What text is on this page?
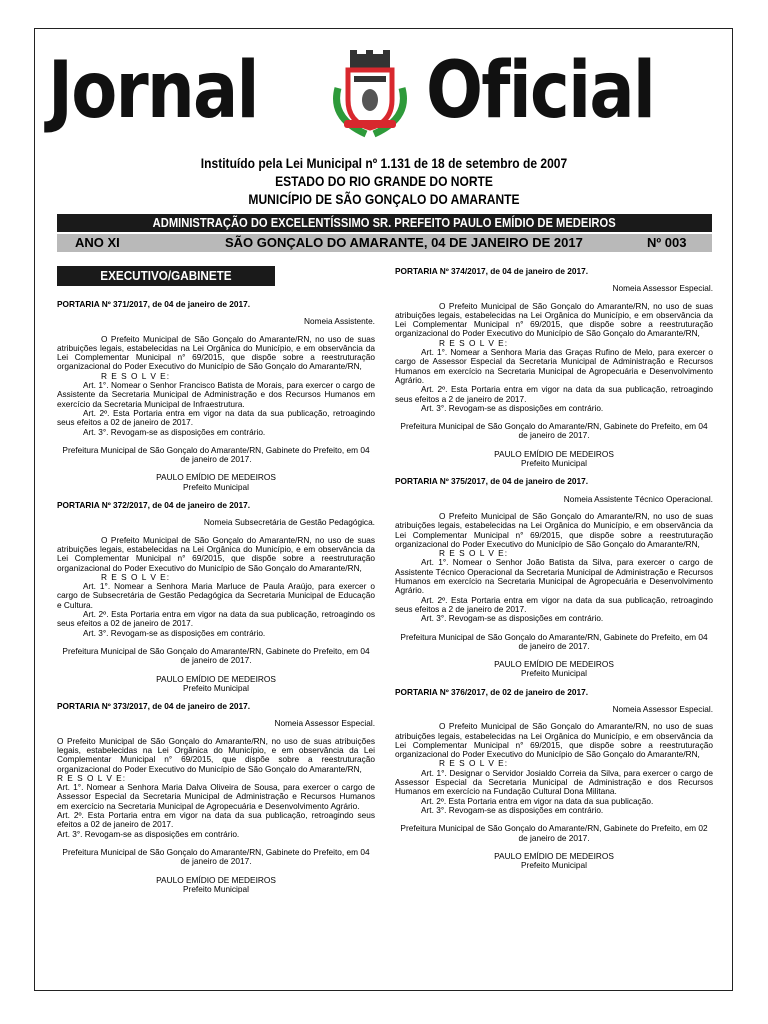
Jornal Oficial
Instituído pela Lei Municipal nº 1.131 de 18 de setembro de 2007
ESTADO DO RIO GRANDE DO NORTE
MUNICÍPIO DE SÃO GONÇALO DO AMARANTE
ADMINISTRAÇÃO DO EXCELENTÍSSIMO SR. PREFEITO PAULO EMÍDIO DE MEDEIROS
ANO XI	SÃO GONÇALO DO AMARANTE, 04 DE JANEIRO DE 2017	Nº 003
EXECUTIVO/GABINETE
PORTARIA Nº 371/2017, de 04 de janeiro de 2017.
Nomeia Assistente.
O Prefeito Municipal de São Gonçalo do Amarante/RN, no uso de suas atribuições legais, estabelecidas na Lei Orgânica do Município, e em observância da Lei Complementar Municipal n° 69/2015, que dispõe sobre a reestruturação organizacional do Poder Executivo do Município de São Gonçalo do Amarante/RN,
R E S O L V E:
Art. 1°. Nomear o Senhor Francisco Batista de Morais, para exercer o cargo de Assistente da Secretaria Municipal de Administração e dos Recursos Humanos em exercício da Secretaria Municipal de Infraestrutura.
Art. 2º. Esta Portaria entra em vigor na data da sua publicação, retroagindo seus efeitos a 02 de janeiro de 2017.
Art. 3°. Revogam-se as disposições em contrário.
Prefeitura Municipal de São Gonçalo do Amarante/RN, Gabinete do Prefeito, em 04 de janeiro de 2017.
PAULO EMÍDIO DE MEDEIROS
Prefeito Municipal
PORTARIA Nº 372/2017, de 04 de janeiro de 2017.
Nomeia Subsecretária de Gestão Pedagógica.
O Prefeito Municipal de São Gonçalo do Amarante/RN, no uso de suas atribuições legais, estabelecidas na Lei Orgânica do Município, e em observância da Lei Complementar Municipal n° 69/2015, que dispõe sobre a reestruturação organizacional do Poder Executivo do Município de São Gonçalo do Amarante/RN,
R E S O L V E:
Art. 1°. Nomear a Senhora Maria Marluce de Paula Araújo, para exercer o cargo de Subsecretária de Gestão Pedagógica da Secretaria Municipal de Educação e Cultura.
Art. 2º. Esta Portaria entra em vigor na data da sua publicação, retroagindo os seus efeitos a 02 de janeiro de 2017.
Art. 3°. Revogam-se as disposições em contrário.
Prefeitura Municipal de São Gonçalo do Amarante/RN, Gabinete do Prefeito, em 04 de janeiro de 2017.
PAULO EMÍDIO DE MEDEIROS
Prefeito Municipal
PORTARIA Nº 373/2017, de 04 de janeiro de 2017.
Nomeia Assessor Especial.
O Prefeito Municipal de São Gonçalo do Amarante/RN, no uso de suas atribuições legais, estabelecidas na Lei Orgânica do Município, e em observância da Lei Complementar Municipal n° 69/2015, que dispõe sobre a reestruturação organizacional do Poder Executivo do Município de São Gonçalo do Amarante/RN,
R E S O L V E:
Art. 1°. Nomear a Senhora Maria Dalva Oliveira de Sousa, para exercer o cargo de Assessor Especial da Secretaria Municipal de Administração e Recursos Humanos em exercício na Secretaria Municipal de Agropecuária e Desenvolvimento Agrário.
Art. 2º. Esta Portaria entra em vigor na data da sua publicação, retroagindo seus efeitos a 02 de janeiro de 2017.
Art. 3°. Revogam-se as disposições em contrário.
Prefeitura Municipal de São Gonçalo do Amarante/RN, Gabinete do Prefeito, em 04 de janeiro de 2017.
PAULO EMÍDIO DE MEDEIROS
Prefeito Municipal
PORTARIA Nº 374/2017, de 04 de janeiro de 2017.
Nomeia Assessor Especial.
O Prefeito Municipal de São Gonçalo do Amarante/RN, no uso de suas atribuições legais, estabelecidas na Lei Orgânica do Município, e em observância da Lei Complementar Municipal n° 69/2015, que dispõe sobre a reestruturação organizacional do Poder Executivo do Município de São Gonçalo do Amarante/RN,
R E S O L V E:
Art. 1°. Nomear a Senhora Maria das Graças Rufino de Melo, para exercer o cargo de Assessor Especial da Secretaria Municipal de Administração e Recursos Humanos em exercício na Secretaria Municipal de Agropecuária e Desenvolvimento Agrário.
Art. 2º. Esta Portaria entra em vigor na data da sua publicação, retroagindo seus efeitos a 2 de janeiro de 2017.
Art. 3°. Revogam-se as disposições em contrário.
Prefeitura Municipal de São Gonçalo do Amarante/RN, Gabinete do Prefeito, em 04 de janeiro de 2017.
PAULO EMÍDIO DE MEDEIROS
Prefeito Municipal
PORTARIA Nº 375/2017, de 04 de janeiro de 2017.
Nomeia Assistente Técnico Operacional.
O Prefeito Municipal de São Gonçalo do Amarante/RN, no uso de suas atribuições legais, estabelecidas na Lei Orgânica do Município, e em observância da Lei Complementar Municipal n° 69/2015, que dispõe sobre a reestruturação organizacional do Poder Executivo do Município de São Gonçalo do Amarante/RN,
R E S O L V E:
Art. 1°. Nomear o Senhor João Batista da Silva, para exercer o cargo de Assistente Técnico Operacional da Secretaria Municipal de Administração e Recursos Humanos em exercício na Secretaria Municipal de Agropecuária e Desenvolvimento Agrário.
Art. 2º. Esta Portaria entra em vigor na data da sua publicação, retroagindo seus efeitos a 2 de janeiro de 2017.
Art. 3°. Revogam-se as disposições em contrário.
Prefeitura Municipal de São Gonçalo do Amarante/RN, Gabinete do Prefeito, em 04 de janeiro de 2017.
PAULO EMÍDIO DE MEDEIROS
Prefeito Municipal
PORTARIA Nº 376/2017, de 02 de janeiro de 2017.
Nomeia Assessor Especial.
O Prefeito Municipal de São Gonçalo do Amarante/RN, no uso de suas atribuições legais, estabelecidas na Lei Orgânica do Município, e em observância da Lei Complementar Municipal n° 69/2015, que dispõe sobre a reestruturação organizacional do Poder Executivo do Município de São Gonçalo do Amarante/RN,
R E S O L V E:
Art. 1°. Designar o Servidor Josialdo Correia da Silva, para exercer o cargo de Assessor Especial da Secretaria Municipal de Administração e dos Recursos Humanos em exercício na Fundação Cultural Dona Militana.
Art. 2º. Esta Portaria entra em vigor na data da sua publicação.
Art. 3°. Revogam-se as disposições em contrário.
Prefeitura Municipal de São Gonçalo do Amarante/RN, Gabinete do Prefeito, em 02 de janeiro de 2017.
PAULO EMÍDIO DE MEDEIROS
Prefeito Municipal
